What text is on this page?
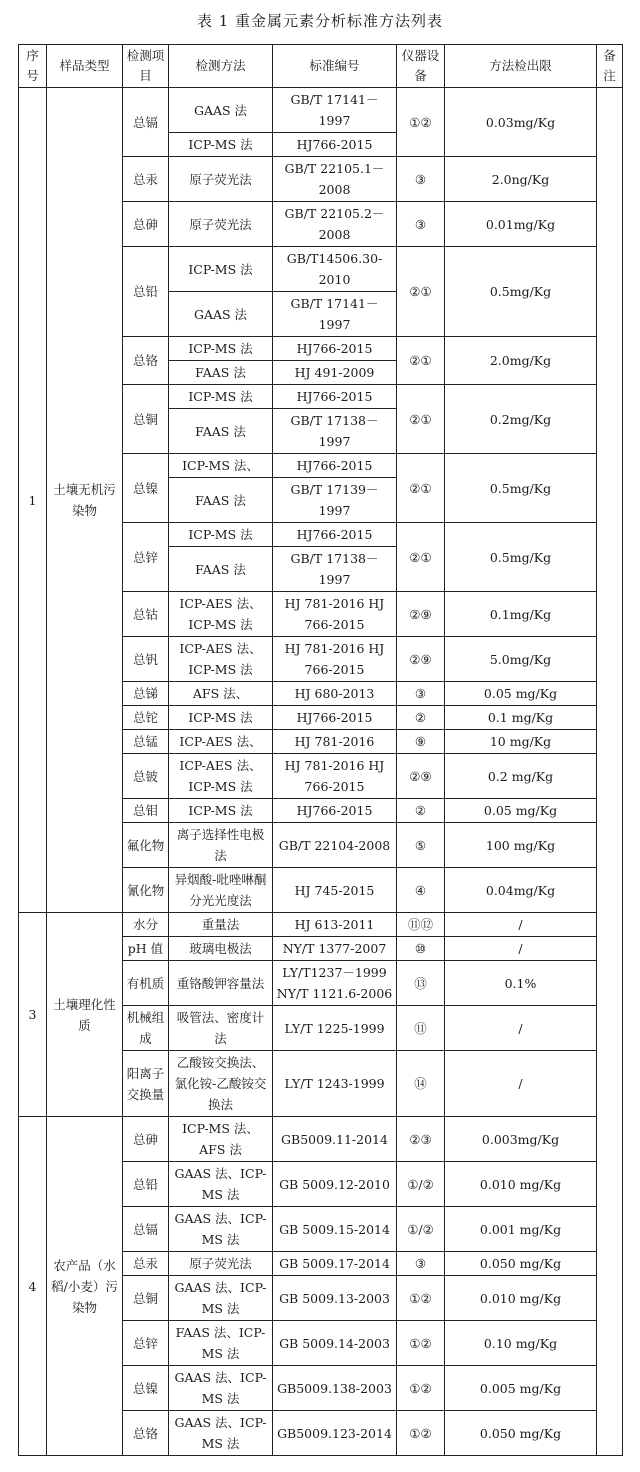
表 1 重金属元素分析标准方法列表
序号	样品类型	检测项目	检测方法	标准编号	仪器设备	方法检出限	备注
1	土壤无机污染物	总镉	GAAS 法	GB/T 17141－1997	①②	0.03mg/Kg	
			ICP-MS 法	HJ766-2015			
		总汞	原子荧光法	GB/T 22105.1－2008	③	2.0ng/Kg	
		总砷	原子荧光法	GB/T 22105.2－2008	③	0.01mg/Kg	
		总铅	ICP-MS 法	GB/T14506.30-2010	②①	0.5mg/Kg	
			GAAS 法	GB/T 17141－1997			
		总铬	ICP-MS 法	HJ766-2015	②①	2.0mg/Kg	
			FAAS 法	HJ 491-2009			
		总铜	ICP-MS 法	HJ766-2015	②①	0.2mg/Kg	
			FAAS 法	GB/T 17138－1997			
		总镍	ICP-MS 法、	HJ766-2015	②①	0.5mg/Kg	
			FAAS 法	GB/T 17139－1997			
		总锌	ICP-MS 法	HJ766-2015	②①	0.5mg/Kg	
			FAAS 法	GB/T 17138－1997			
		总钴	ICP-AES 法、ICP-MS 法	HJ 781-2016 HJ 766-2015	②⑨	0.1mg/Kg	
		总钒	ICP-AES 法、ICP-MS 法	HJ 781-2016 HJ 766-2015	②⑨	5.0mg/Kg	
		总锑	AFS 法、	HJ 680-2013	③	0.05 mg/Kg	
		总铊	ICP-MS 法	HJ766-2015	②	0.1 mg/Kg	
		总锰	ICP-AES 法、	HJ 781-2016	⑨	10 mg/Kg	
		总铍	ICP-AES 法、ICP-MS 法	HJ 781-2016 HJ 766-2015	②⑨	0.2 mg/Kg	
		总钼	ICP-MS 法	HJ766-2015	②	0.05 mg/Kg	
		氟化物	离子选择性电极法	GB/T 22104-2008	⑤	100 mg/Kg	
		氰化物	异烟酸-吡唑啉酮分光光度法	HJ 745-2015	④	0.04mg/Kg	
3	土壤理化性质	水分	重量法	HJ 613-2011	⑪⑫	/	
		pH 值	玻璃电极法	NY/T 1377-2007	⑩	/	
		有机质	重铬酸钾容量法	LY/T1237－1999 NY/T 1121.6-2006	⑬	0.1%	
		机械组成	吸管法、密度计法	LY/T 1225-1999	⑪	/	
		阳离子交换量	乙酸铵交换法、氯化铵-乙酸铵交换法	LY/T 1243-1999	⑭	/	
4	农产品（水稻/小麦）污染物	总砷	ICP-MS 法、AFS 法	GB5009.11-2014	②③	0.003mg/Kg	
		总铅	GAAS 法、ICP-MS 法	GB 5009.12-2010	①/②	0.010 mg/Kg	
		总镉	GAAS 法、ICP-MS 法	GB 5009.15-2014	①/②	0.001 mg/Kg	
		总汞	原子荧光法	GB 5009.17-2014	③	0.050 mg/Kg	
		总铜	GAAS 法、ICP-MS 法	GB 5009.13-2003	①②	0.010 mg/Kg	
		总锌	FAAS 法、ICP-MS 法	GB 5009.14-2003	①②	0.10 mg/Kg	
		总镍	GAAS 法、ICP-MS 法	GB5009.138-2003	①②	0.005 mg/Kg	
		总铬	GAAS 法、ICP-MS 法	GB5009.123-2014	①②	0.050 mg/Kg	
